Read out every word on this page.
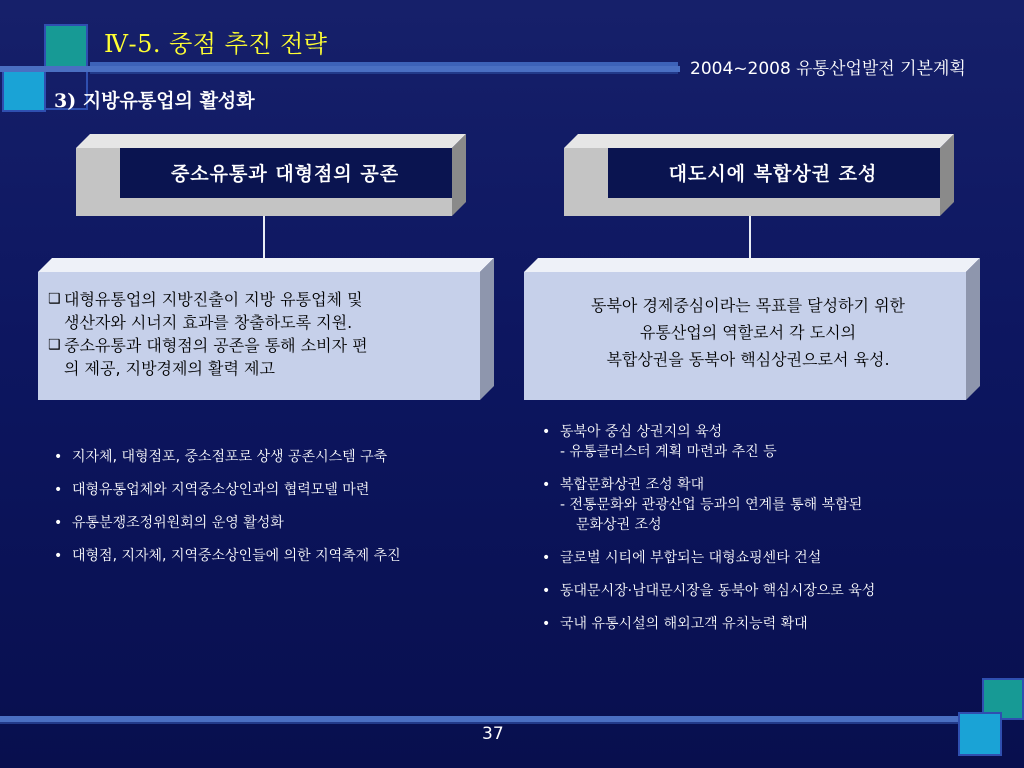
Ⅳ-5. 중점 추진 전략
2004~2008 유통산업발전 기본계획
3) 지방유통업의 활성화
중소유통과 대형점의 공존	대도시에 복합상권 조성
❑ 대형유통업의 지방진출이 지방 유통업체 및
생산자와 시너지 효과를 창출하도록 지원.
❑ 중소유통과 대형점의 공존을 통해 소비자 편
의 제공, 지방경제의 활력 제고
동북아 경제중심이라는 목표를 달성하기 위한
유통산업의 역할로서 각 도시의
복합상권을 동북아 핵심상권으로서 육성.
• 지자체, 대형점포, 중소점포로 상생 공존시스템 구축
• 대형유통업체와 지역중소상인과의 협력모델 마련
• 유통분쟁조정위원회의 운영 활성화
• 대형점, 지자체, 지역중소상인들에 의한 지역축제 추진
• 동북아 중심 상권지의 육성
- 유통클러스터 계획 마련과 추진 등
• 복합문화상권 조성 확대
- 전통문화와 관광산업 등과의 연계를 통해 복합된
문화상권 조성
• 글로벌 시티에 부합되는 대형쇼핑센타 건설
• 동대문시장·남대문시장을 동북아 핵심시장으로 육성
• 국내 유통시설의 해외고객 유치능력 확대
37
